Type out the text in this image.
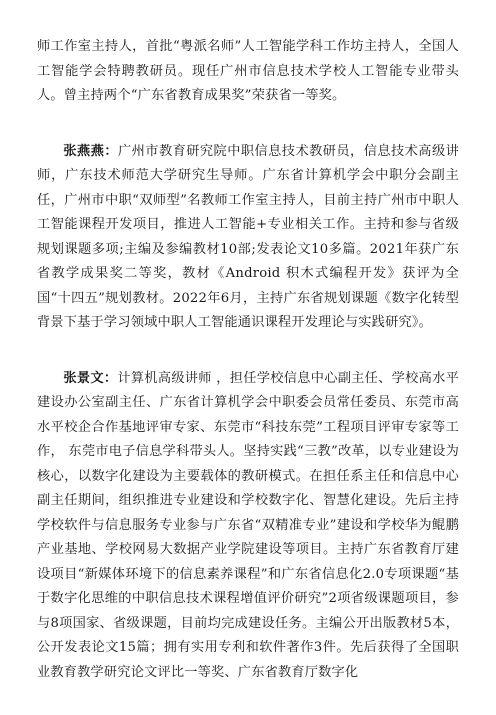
师工作室主持人，首批“粤派名师”人工智能学科工作坊主持人，全国人工智能学会特聘教研员。现任广州市信息技术学校人工智能专业带头人。曾主持两个“广东省教育成果奖”荣获省一等奖。

张燕燕：广州市教育研究院中职信息技术教研员，信息技术高级讲师，广东技术师范大学研究生导师。广东省计算机学会中职分会副主任，广州市中职“双师型”名教师工作室主持人，目前主持广州市中职人工智能课程开发项目，推进人工智能+专业相关工作。主持和参与省级规划课题多项;主编及参编教材10部;发表论文10多篇。2021年获广东省教学成果奖二等奖，教材《Android 积木式编程开发》获评为全国“十四五”规划教材。2022年6月，主持广东省规划课题《数字化转型背景下基于学习领域中职人工智能通识课程开发理论与实践研究》。

张景文：计算机高级讲师 ，担任学校信息中心副主任、学校高水平建设办公室副主任、广东省计算机学会中职委会员常任委员、东莞市高水平校企合作基地评审专家、东莞市“科技东莞”工程项目评审专家等工作， 东莞市电子信息学科带头人。坚持实践“三教”改革，以专业建设为核心，以数字化建设为主要载体的教研模式。在担任系主任和信息中心副主任期间，组织推进专业建设和学校数字化、智慧化建设。先后主持学校软件与信息服务专业参与广东省“双精准专业”建设和学校华为鲲鹏产业基地、学校网易大数据产业学院建设等项目。主持广东省教育厅建设项目“新媒体环境下的信息素养课程”和广东省信息化2.0专项课题“基于数字化思维的中职信息技术课程增值评价研究”2项省级课题项目，参与8项国家、省级课题，目前均完成建设任务。主编公开出版教材5本，公开发表论文15篇；拥有实用专利和软件著作3件。先后获得了全国职业教育教学研究论文评比一等奖、广东省教育厅数字化
